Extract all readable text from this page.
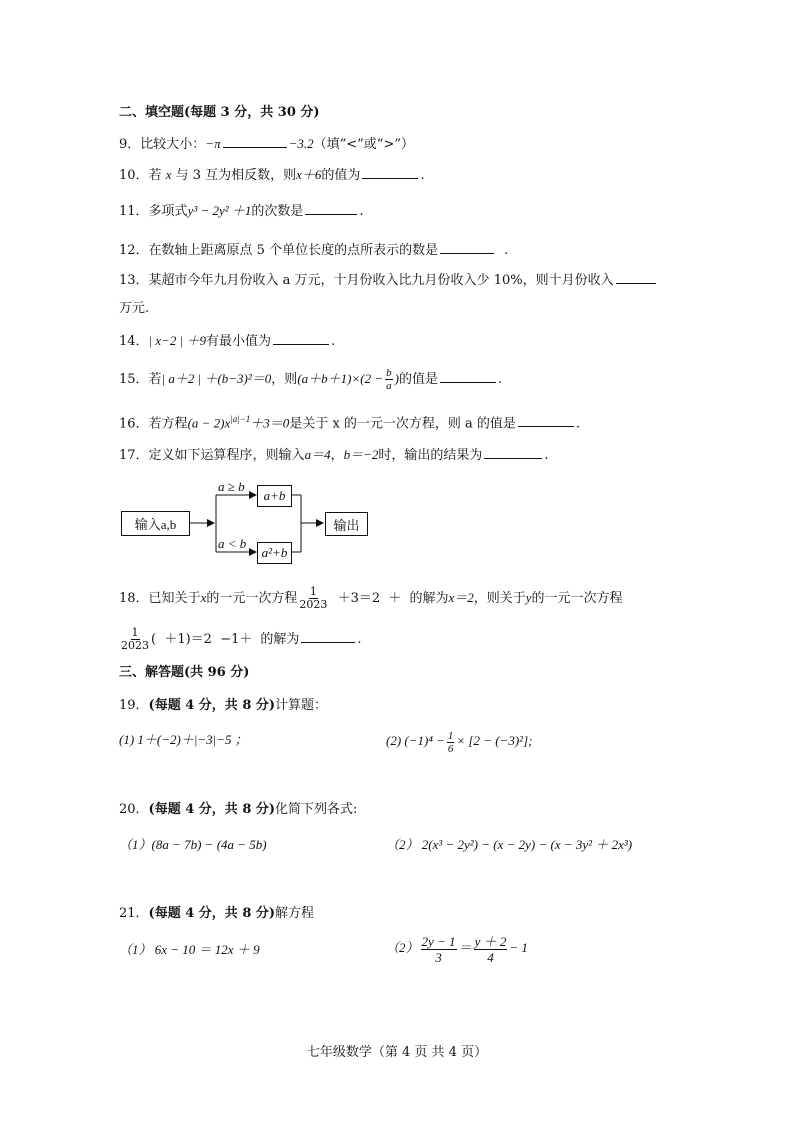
二、填空题(每题 3 分，共 30 分)
9．比较大小：−π	−3.2（填“<”或“>”）
10．若 x 与 3 互为相反数，则x＋6的值为	.
11．多项式y³ − 2y² ＋1的次数是	.
12．在数轴上距离原点 5 个单位长度的点所表示的数是	.
13．某超市今年九月份收入 a 万元，十月份收入比九月份收入少 10%，则十月份收入
万元.
14．| x−2 | ＋9有最小值为	.
15．若| a＋2 | ＋(b−3)²＝0，则$(a+b+1)\times(2 - \frac{b}{a}$ )的值是	.
16．若方程$(a - 2)x^{|a|-1}+3=0$是关于 x 的一元一次方程，则 a 的值是	.
17．定义如下运算程序，则输入a＝4，b＝−2时，输出的结果为	.
输入a,b
a ≥ b
a+b
a < b
a²+b
输出
18．已知关于x的一元一次方程 $\frac{1}{2023} +3=2$  ＋ 的解为x＝2，则关于y的一元一次方程
$\frac{1}{2023}$ (  ＋1)＝2  −1＋ 的解为	.
三、解答题(共 96 分)
19．(每题 4 分，共 8 分)计算题：
(1) 1＋(−2)＋|−3|−5 ；	(2) $(-1)^4 - \frac{1}{6} \times [2 - (-3)^2]$;
20．(每题 4 分，共 8 分)化简下列各式:
（1）(8a − 7b) − (4a − 5b)	（2） 2(x³ − 2y²) − (x − 2y) − (x − 3y² ＋ 2x³)
21．(每题 4 分，共 8 分)解方程
（1） 6x − 10 ＝ 12x ＋ 9	$(2) \frac{2y - 1}{3} = \frac{y + 2}{4} - 1$
七年级数学（第 4 页 共 4 页）
